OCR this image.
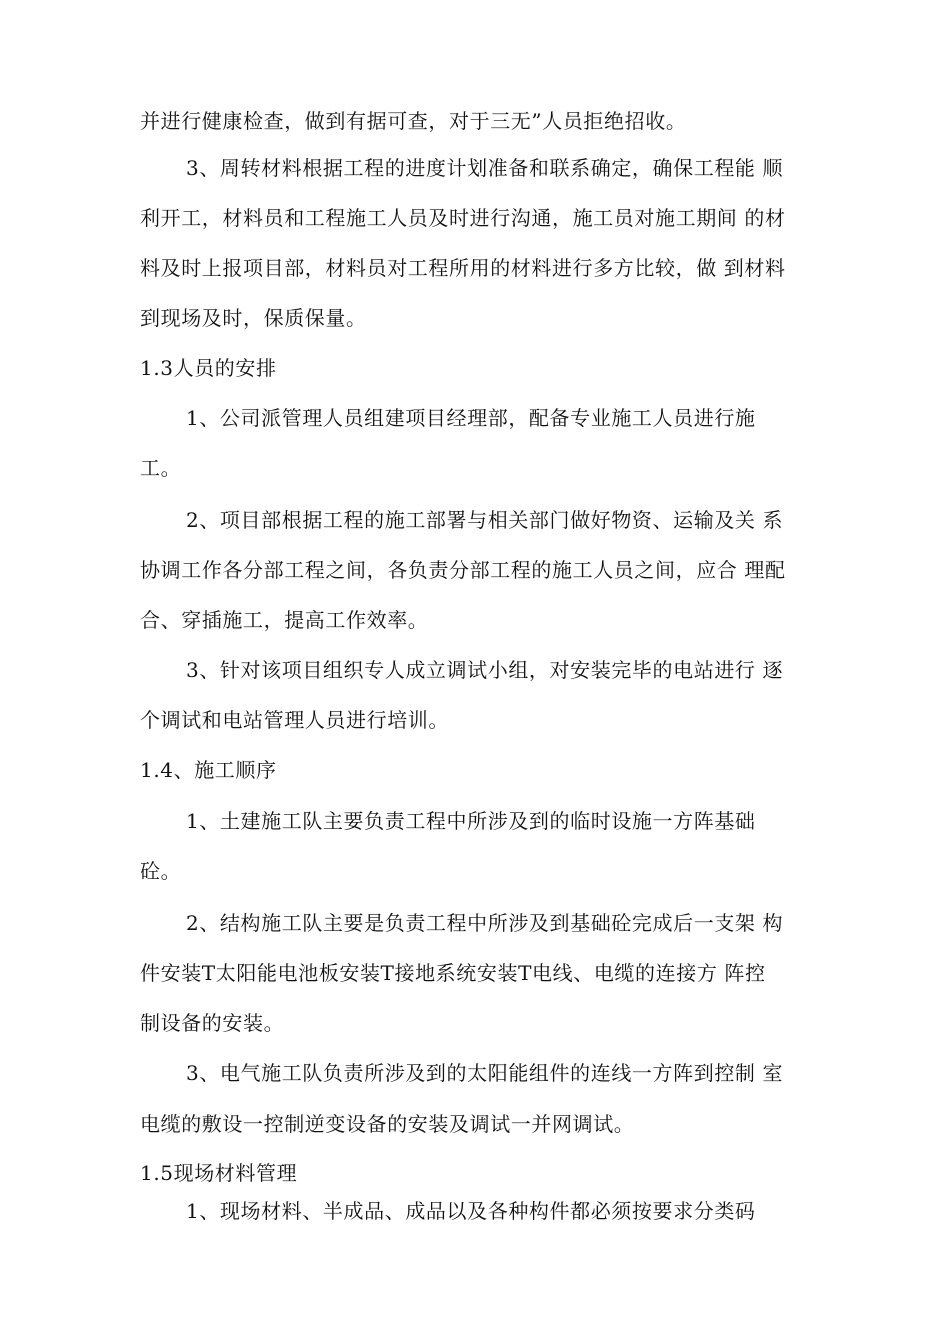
并进行健康检查，做到有据可查，对于三无”人员拒绝招收。

3、周转材料根据工程的进度计划准备和联系确定，确保工程能 顺

利开工，材料员和工程施工人员及时进行沟通，施工员对施工期间 的材

料及时上报项目部，材料员对工程所用的材料进行多方比较，做 到材料

到现场及时，保质保量。

1.3人员的安排

1、公司派管理人员组建项目经理部，配备专业施工人员进行施

工。

2、项目部根据工程的施工部署与相关部门做好物资、运输及关 系

协调工作各分部工程之间，各负责分部工程的施工人员之间，应合 理配

合、穿插施工，提高工作效率。

3、针对该项目组织专人成立调试小组，对安装完毕的电站进行 逐

个调试和电站管理人员进行培训。

1.4、施工顺序

1、土建施工队主要负责工程中所涉及到的临时设施一方阵基础

砼。

2、结构施工队主要是负责工程中所涉及到基础砼完成后一支架 构

件安装T太阳能电池板安装T接地系统安装T电线、电缆的连接方 阵控

制设备的安装。

3、电气施工队负责所涉及到的太阳能组件的连线一方阵到控制 室

电缆的敷设一控制逆变设备的安装及调试一并网调试。

1.5现场材料管理

1、现场材料、半成品、成品以及各种构件都必须按要求分类码
